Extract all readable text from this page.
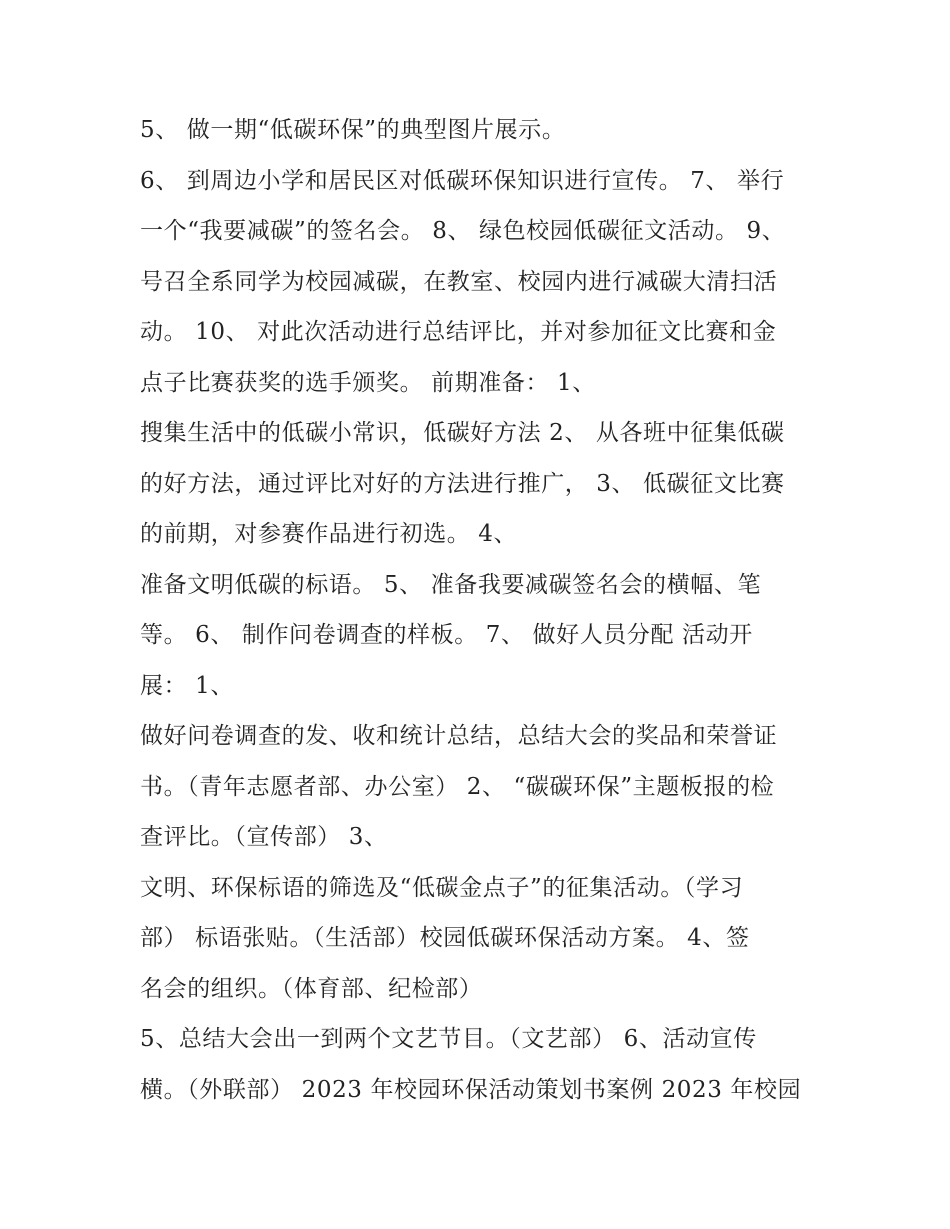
5、 做一期“低碳环保”的典型图片展示。
6、 到周边小学和居民区对低碳环保知识进行宣传。 7、 举行
一个“我要减碳”的签名会。 8、 绿色校园低碳征文活动。 9、
号召全系同学为校园减碳，在教室、校园内进行减碳大清扫活
动。 10、 对此次活动进行总结评比，并对参加征文比赛和金
点子比赛获奖的选手颁奖。 前期准备： 1、
搜集生活中的低碳小常识，低碳好方法 2、 从各班中征集低碳
的好方法，通过评比对好的方法进行推广， 3、 低碳征文比赛
的前期，对参赛作品进行初选。 4、
准备文明低碳的标语。 5、 准备我要减碳签名会的横幅、笔
等。 6、 制作问卷调查的样板。 7、 做好人员分配 活动开
展： 1、
做好问卷调查的发、收和统计总结，总结大会的奖品和荣誉证
书。（青年志愿者部、办公室） 2、 “碳碳环保”主题板报的检
查评比。（宣传部） 3、
文明、环保标语的筛选及“低碳金点子”的征集活动。（学习
部） 标语张贴。（生活部）校园低碳环保活动方案。 4、签
名会的组织。（体育部、纪检部）
5、总结大会出一到两个文艺节目。（文艺部） 6、活动宣传
横。（外联部） 2023 年校园环保活动策划书案例 2023 年校园
